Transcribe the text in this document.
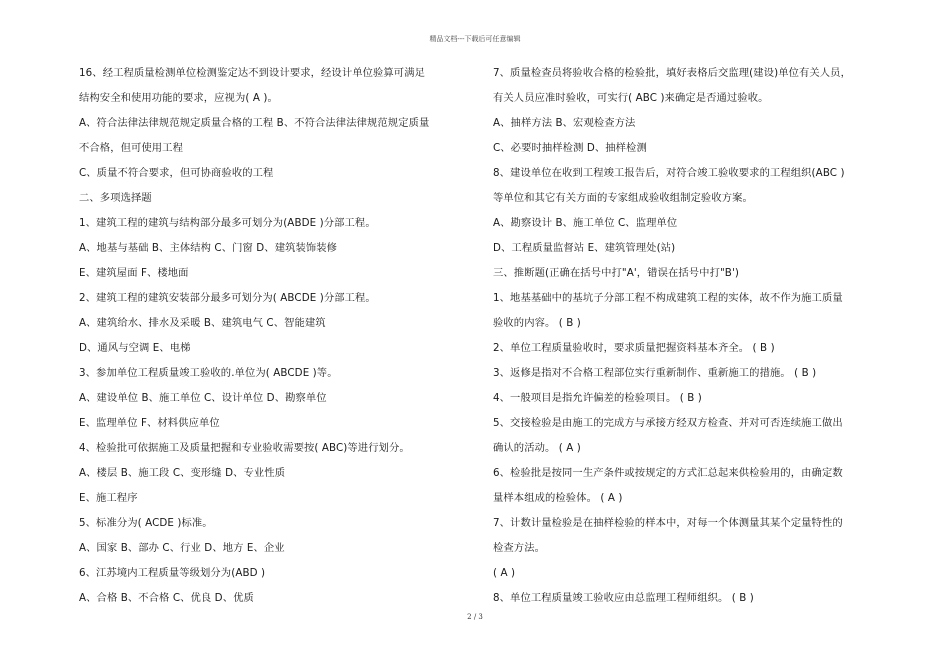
精品文档---下载后可任意编辑
16、经工程质量检测单位检测鉴定达不到设计要求，经设计单位验算可满足
结构安全和使用功能的要求，应视为( A )。
A、符合法律法律规范规定质量合格的工程 B、不符合法律法律规范规定质量
不合格，但可使用工程
C、质量不符合要求，但可协商验收的工程
二、多项选择题
1、建筑工程的建筑与结构部分最多可划分为(ABDE )分部工程。
A、地基与基础 B、主体结构 C、门窗 D、建筑装饰装修
E、建筑屋面 F、楼地面
2、建筑工程的建筑安装部分最多可划分为( ABCDE )分部工程。
A、建筑给水、排水及采暖 B、建筑电气 C、智能建筑
D、通风与空调 E、电梯
3、参加单位工程质量竣工验收的.单位为( ABCDE )等。
A、建设单位 B、施工单位 C、设计单位 D、勘察单位
E、监理单位 F、材料供应单位
4、检验批可依据施工及质量把握和专业验收需要按( ABC)等进行划分。
A、楼层 B、施工段 C、变形缝 D、专业性质
E、施工程序
5、标准分为( ACDE )标准。
A、国家 B、部办 C、行业 D、地方 E、企业
6、江苏境内工程质量等级划分为(ABD )
A、合格 B、不合格 C、优良 D、优质
7、质量检查员将验收合格的检验批，填好表格后交监理(建设)单位有关人员，
有关人员应准时验收，可实行( ABC )来确定是否通过验收。
A、抽样方法 B、宏观检查方法
C、必要时抽样检测 D、抽样检测
8、建设单位在收到工程竣工报告后，对符合竣工验收要求的工程组织(ABC )
等单位和其它有关方面的专家组成验收组制定验收方案。
A、勘察设计 B、施工单位 C、监理单位
D、工程质量监督站 E、建筑管理处(站)
三、推断题(正确在括号中打"A'，错误在括号中打"B')
1、地基基础中的基坑子分部工程不构成建筑工程的实体，故不作为施工质量
验收的内容。 ( B )
2、单位工程质量验收时，要求质量把握资料基本齐全。 ( B )
3、返修是指对不合格工程部位实行重新制作、重新施工的措施。 ( B )
4、一般项目是指允许偏差的检验项目。 ( B )
5、交接检验是由施工的完成方与承接方经双方检查、并对可否连续施工做出
确认的活动。 ( A )
6、检验批是按同一生产条件或按规定的方式汇总起来供检验用的，由确定数
量样本组成的检验体。 ( A )
7、计数计量检验是在抽样检验的样本中，对每一个体测量其某个定量特性的
检查方法。
( A )
8、单位工程质量竣工验收应由总监理工程师组织。 ( B )
2 / 3
